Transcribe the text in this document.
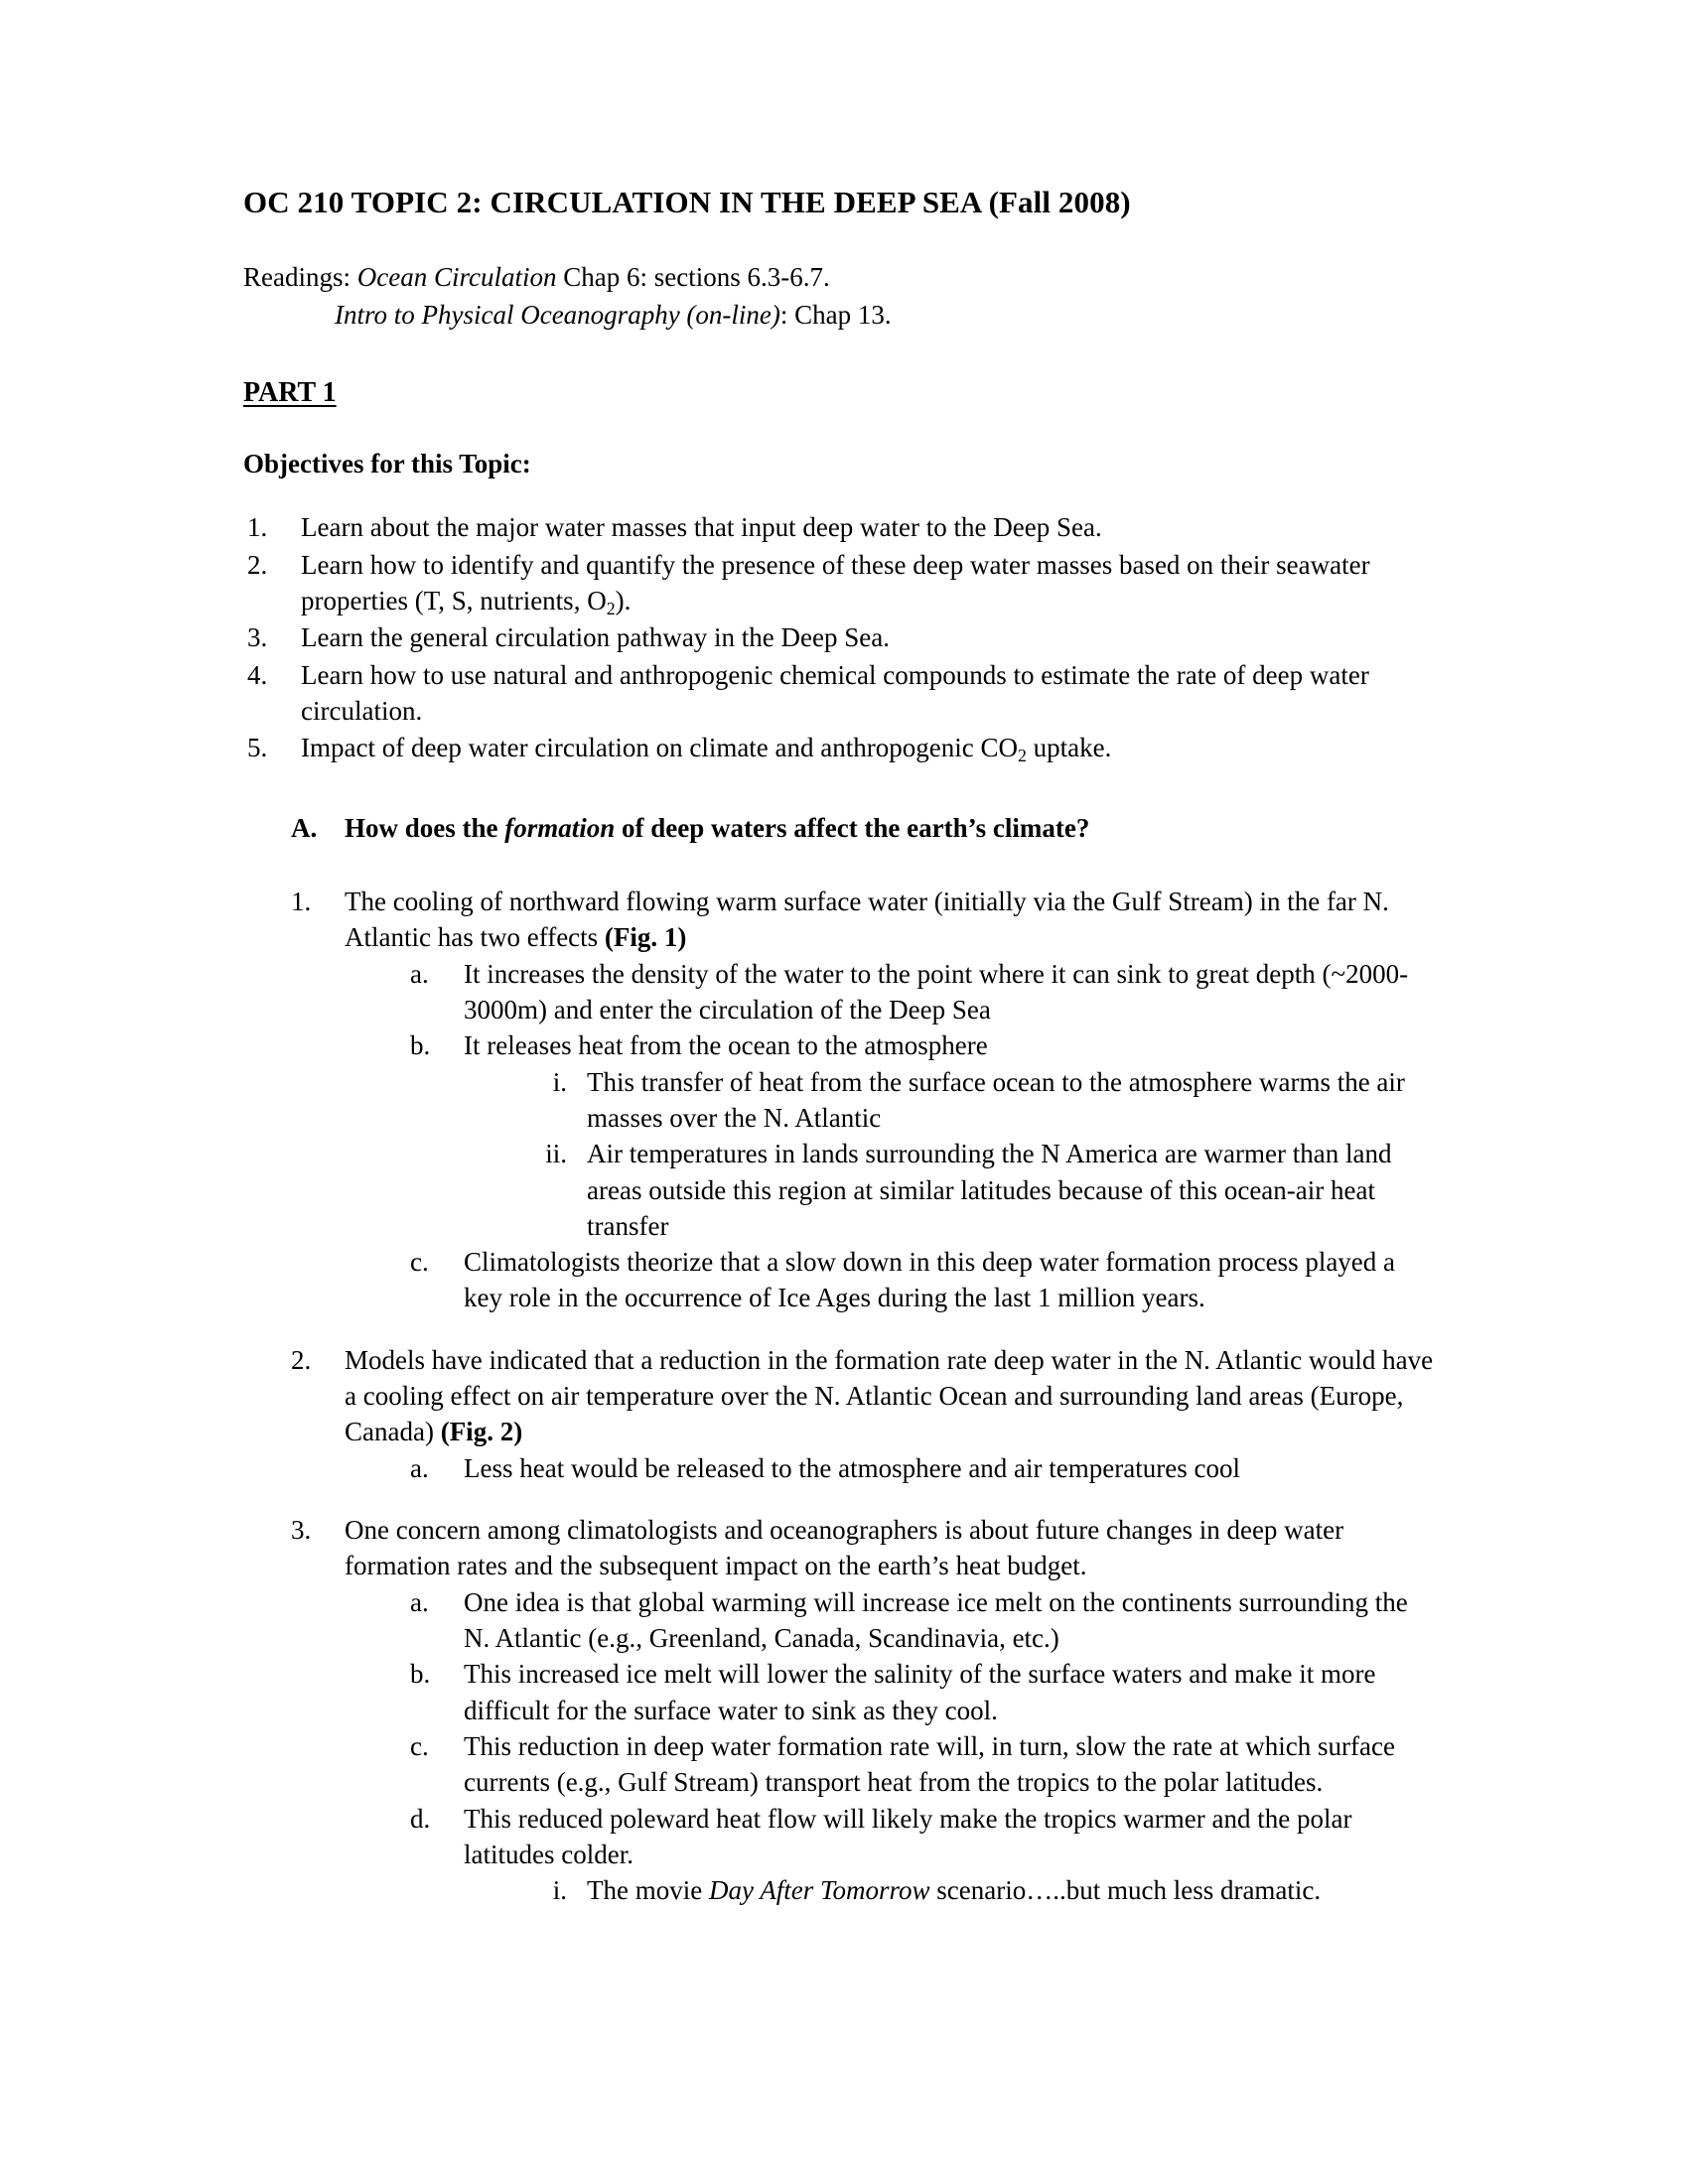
OC 210 TOPIC 2: CIRCULATION IN THE DEEP SEA (Fall 2008)
Readings: Ocean Circulation Chap 6: sections 6.3-6.7.
Intro to Physical Oceanography (on-line): Chap 13.
PART 1
Objectives for this Topic:
1.	Learn about the major water masses that input deep water to the Deep Sea.
2.	Learn how to identify and quantify the presence of these deep water masses based on their seawater properties (T, S, nutrients, $O_2$).
3.	Learn the general circulation pathway in the Deep Sea.
4.	Learn how to use natural and anthropogenic chemical compounds to estimate the rate of deep water circulation.
5.	Impact of deep water circulation on climate and anthropogenic $CO_2$ uptake.
A. How does the formation of deep waters affect the earth’s climate?
1.	The cooling of northward flowing warm surface water (initially via the Gulf Stream) in the far N. Atlantic has two effects (Fig. 1)
a.	It increases the density of the water to the point where it can sink to great depth (~2000-3000m) and enter the circulation of the Deep Sea
b.	It releases heat from the ocean to the atmosphere
i. This transfer of heat from the surface ocean to the atmosphere warms the air masses over the N. Atlantic
ii. Air temperatures in lands surrounding the N America are warmer than land areas outside this region at similar latitudes because of this ocean-air heat transfer
c.	Climatologists theorize that a slow down in this deep water formation process played a key role in the occurrence of Ice Ages during the last 1 million years.
2.	Models have indicated that a reduction in the formation rate deep water in the N. Atlantic would have a cooling effect on air temperature over the N. Atlantic Ocean and surrounding land areas (Europe, Canada) (Fig. 2)
a.	Less heat would be released to the atmosphere and air temperatures cool
3.	One concern among climatologists and oceanographers is about future changes in deep water formation rates and the subsequent impact on the earth’s heat budget.
a.	One idea is that global warming will increase ice melt on the continents surrounding the N. Atlantic (e.g., Greenland, Canada, Scandinavia, etc.)
b.	This increased ice melt will lower the salinity of the surface waters and make it more difficult for the surface water to sink as they cool.
c.	This reduction in deep water formation rate will, in turn, slow the rate at which surface currents (e.g., Gulf Stream) transport heat from the tropics to the polar latitudes.
d.	This reduced poleward heat flow will likely make the tropics warmer and the polar latitudes colder.
i. The movie Day After Tomorrow scenario…..but much less dramatic.
